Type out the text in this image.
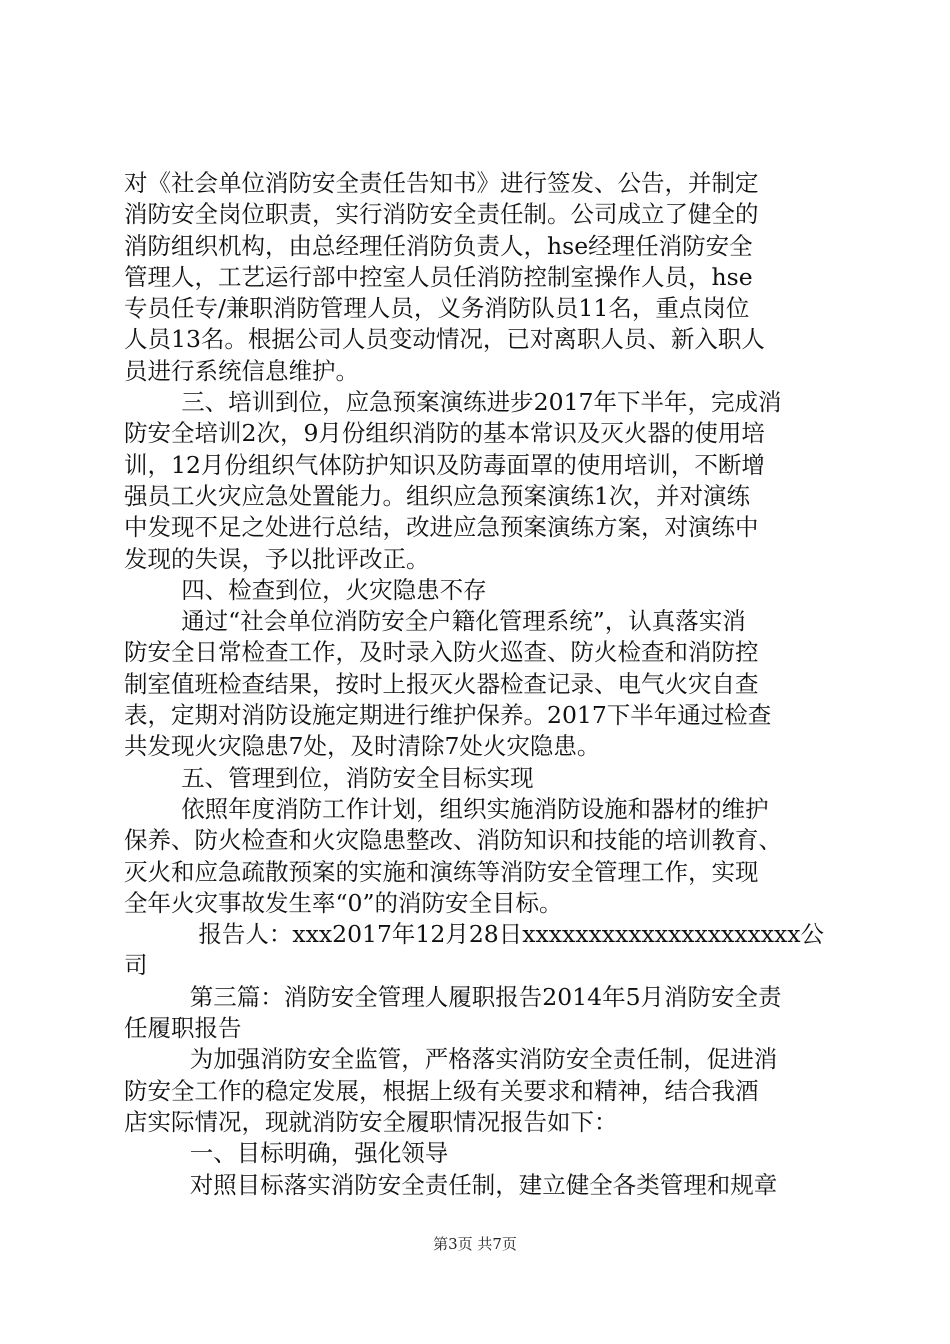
对《社会单位消防安全责任告知书》进行签发、公告，并制定
消防安全岗位职责，实行消防安全责任制。公司成立了健全的
消防组织机构，由总经理任消防负责人，hse经理任消防安全
管理人，工艺运行部中控室人员任消防控制室操作人员，hse
专员任专/兼职消防管理人员，义务消防队员11名，重点岗位
人员13名。根据公司人员变动情况，已对离职人员、新入职人
员进行系统信息维护。
三、培训到位，应急预案演练进步2017年下半年，完成消
防安全培训2次，9月份组织消防的基本常识及灭火器的使用培
训，12月份组织气体防护知识及防毒面罩的使用培训，不断增
强员工火灾应急处置能力。组织应急预案演练1次，并对演练
中发现不足之处进行总结，改进应急预案演练方案，对演练中
发现的失误，予以批评改正。
四、检查到位，火灾隐患不存
通过“社会单位消防安全户籍化管理系统”，认真落实消
防安全日常检查工作，及时录入防火巡查、防火检查和消防控
制室值班检查结果，按时上报灭火器检查记录、电气火灾自查
表，定期对消防设施定期进行维护保养。2017下半年通过检查
共发现火灾隐患7处，及时清除7处火灾隐患。
五、管理到位，消防安全目标实现
依照年度消防工作计划，组织实施消防设施和器材的维护
保养、防火检查和火灾隐患整改、消防知识和技能的培训教育、
灭火和应急疏散预案的实施和演练等消防安全管理工作，实现
全年火灾事故发生率“0”的消防安全目标。
报告人：xxx2017年12月28日xxxxxxxxxxxxxxxxxxxxx公
司
第三篇：消防安全管理人履职报告2014年5月消防安全责
任履职报告
为加强消防安全监管，严格落实消防安全责任制，促进消
防安全工作的稳定发展，根据上级有关要求和精神，结合我酒
店实际情况，现就消防安全履职情况报告如下：
一、目标明确，强化领导
对照目标落实消防安全责任制，建立健全各类管理和规章
第3页 共7页
